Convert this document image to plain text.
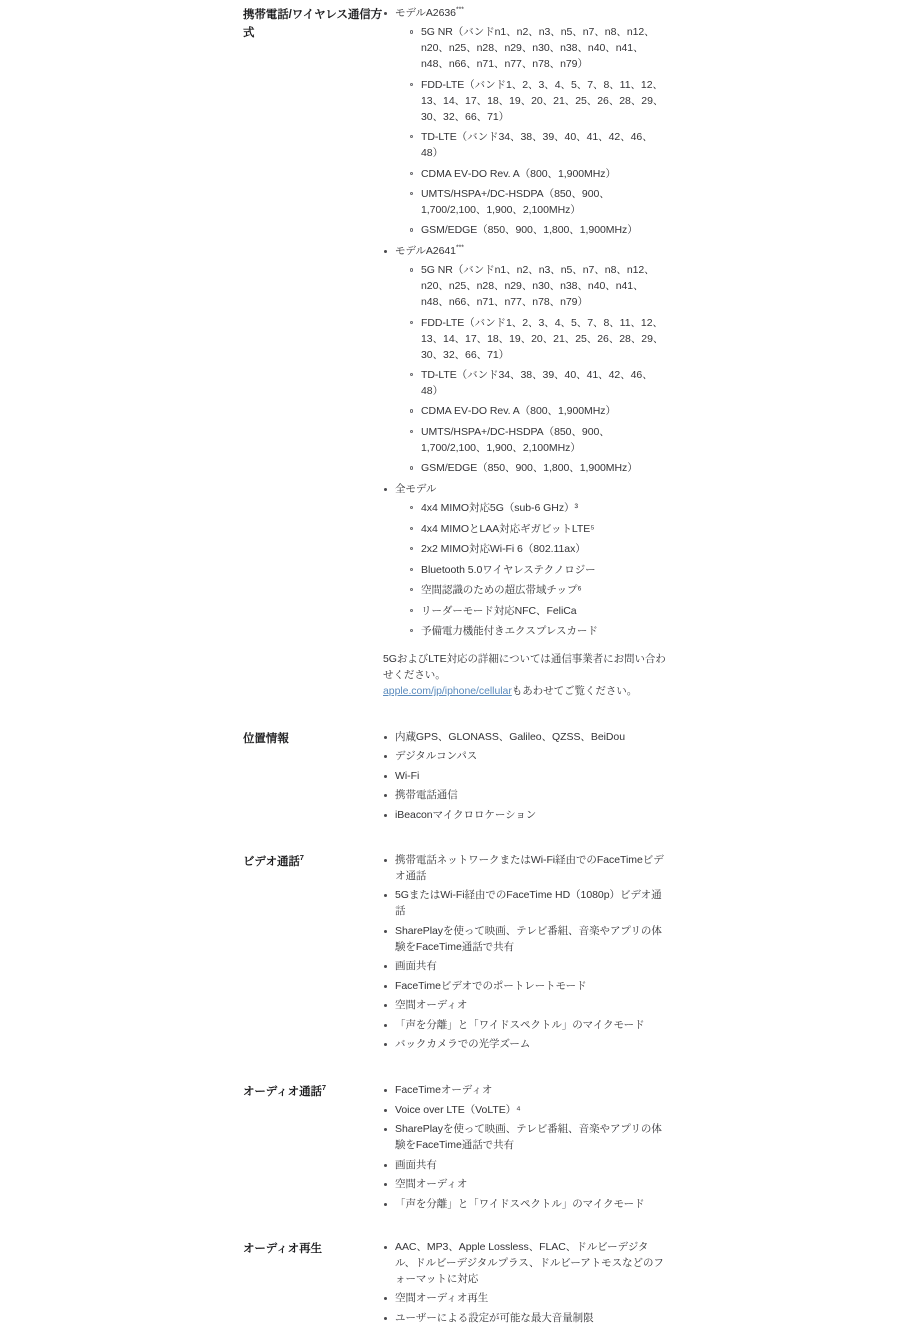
携帯電話/ワイヤレス通信方式
モデルA2636***
5G NR（バンドn1、n2、n3、n5、n7、n8、n12、n20、n25、n28、n29、n30、n38、n40、n41、n48、n66、n71、n77、n78、n79）
FDD‑LTE（バンド1、2、3、4、5、7、8、11、12、13、14、17、18、19、20、21、25、26、28、29、30、32、66、71）
TD‑LTE（バンド34、38、39、40、41、42、46、48）
CDMA EV‑DO Rev. A（800、1,900MHz）
UMTS/HSPA+/DC‑HSDPA（850、900、1,700/2,100、1,900、2,100MHz）
GSM/EDGE（850、900、1,800、1,900MHz）
モデルA2641***
5G NR（バンドn1、n2、n3、n5、n7、n8、n12、n20、n25、n28、n29、n30、n38、n40、n41、n48、n66、n71、n77、n78、n79）
FDD‑LTE（バンド1、2、3、4、5、7、8、11、12、13、14、17、18、19、20、21、25、26、28、29、30、32、66、71）
TD‑LTE（バンド34、38、39、40、41、42、46、48）
CDMA EV‑DO Rev. A（800、1,900MHz）
UMTS/HSPA+/DC‑HSDPA（850、900、1,700/2,100、1,900、2,100MHz）
GSM/EDGE（850、900、1,800、1,900MHz）
全モデル
4x4 MIMO対応5G（sub‑6 GHz）³
4x4 MIMOとLAA対応ギガビットLTE⁵
2x2 MIMO対応Wi‑Fi 6（802.11ax）
Bluetooth 5.0ワイヤレステクノロジー
空間認識のための超広帯域チップ⁶
リーダーモード対応NFC、FeliCa
予備電力機能付きエクスプレスカード
5GおよびLTE対応の詳細については通信事業者にお問い合わせください。
apple.com/jp/iphone/cellularもあわせてご覧ください。
位置情報	内蔵GPS、GLONASS、Galileo、QZSS、BeiDou
デジタルコンパス
Wi‑Fi
携帯電話通信
iBeaconマイクロロケーション
ビデオ通話$^7$	携帯電話ネットワークまたはWi‑Fi経由でのFaceTimeビデオ通話
5GまたはWi‑Fi経由でのFaceTime HD（1080p）ビデオ通話
SharePlayを使って映画、テレビ番組、音楽やアプリの体験をFaceTime通話で共有
画面共有
FaceTimeビデオでのポートレートモード
空間オーディオ
「声を分離」と「ワイドスペクトル」のマイクモード
バックカメラでの光学ズーム
オーディオ通話$^7$	FaceTimeオーディオ
Voice over LTE（VoLTE）⁴
SharePlayを使って映画、テレビ番組、音楽やアプリの体験をFaceTime通話で共有
画面共有
空間オーディオ
「声を分離」と「ワイドスペクトル」のマイクモード
オーディオ再生	AAC、MP3、Apple Lossless、FLAC、ドルビーデジタル、ドルビーデジタルプラス、ドルビーアトモスなどのフォーマットに対応
空間オーディオ再生
ユーザーによる設定が可能な最大音量制限
